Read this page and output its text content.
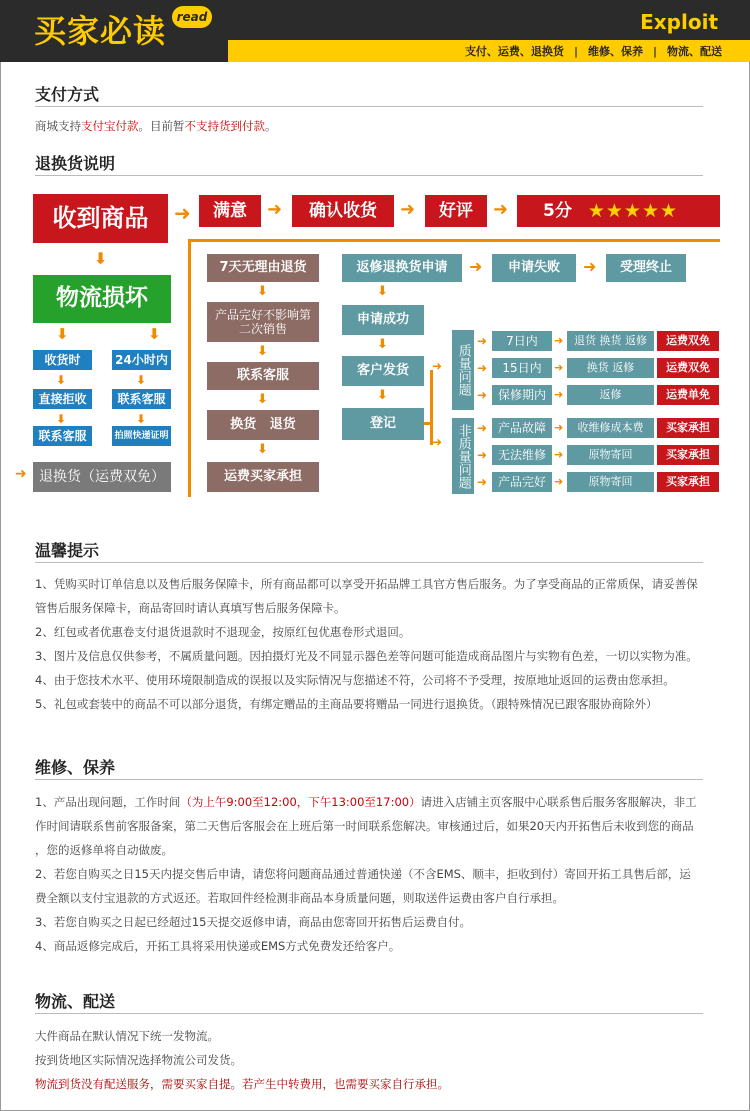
买家必读 read	Exploit
支付、运费、退换货 | 维修、保养 | 物流、配送
支付方式
商城支持支付宝付款。目前暂不支持货到付款。
退换货说明
收到商品	➜	满意	➜	确认收货	➜	好评	➜ 5分 ★★★★★
⬇
物流损坏
⬇	⬇
收货时	24小时内
⬇	⬇
直接拒收	联系客服
⬇	⬇
联系客服	拍照快递证明
➜ 退换货（运费双免）
7天无理由退货
⬇
产品完好不影响第二次销售
⬇
联系客服
⬇
换货   退货
⬇
运费买家承担
返修退换货申请	➜	申请失败	➜	受理终止
⬇
申请成功
⬇
客户发货
⬇
登记
➜
➜
质量问题
非质量问题
➜	7日内	➜ 退货 换货 返修	运费双免
➜	15日内	➜	换货 返修	运费双免
➜ 保修期内 ➜	返修	运费单免
➜ 产品故障 ➜	收维修成本费	买家承担
➜ 无法维修 ➜	原物寄回	买家承担
➜ 产品完好 ➜	原物寄回	买家承担
温馨提示
1、凭购买时订单信息以及售后服务保障卡，所有商品都可以享受开拓品牌工具官方售后服务。为了享受商品的正常质保，请妥善保
管售后服务保障卡，商品寄回时请认真填写售后服务保障卡。
2、红包或者优惠卷支付退货退款时不退现金，按原红包优惠卷形式退回。
3、图片及信息仅供参考，不属质量问题。因拍摄灯光及不同显示器色差等问题可能造成商品图片与实物有色差，一切以实物为准。
4、由于您技术水平、使用环境限制造成的误报以及实际情况与您描述不符，公司将不予受理，按原地址返回的运费由您承担。
5、礼包或套装中的商品不可以部分退货，有绑定赠品的主商品要将赠品一同进行退换货。（跟特殊情况已跟客服协商除外）
维修、保养
1、产品出现问题，工作时间（为上午9:00至12:00，下午13:00至17:00）请进入店铺主页客服中心联系售后服务客服解决，非工
作时间请联系售前客服备案，第二天售后客服会在上班后第一时间联系您解决。审核通过后，如果20天内开拓售后未收到您的商品
，您的返修单将自动做废。
2、若您自购买之日15天内提交售后申请，请您将问题商品通过普通快递（不含EMS、顺丰，拒收到付）寄回开拓工具售后部，运
费全额以支付宝退款的方式返还。若取回件经检测非商品本身质量问题，则取送件运费由客户自行承担。
3、若您自购买之日起已经超过15天提交返修申请，商品由您寄回开拓售后运费自付。
4、商品返修完成后，开拓工具将采用快递或EMS方式免费发还给客户。
物流、配送
大件商品在默认情况下统一发物流。
按到货地区实际情况选择物流公司发货。
物流到货没有配送服务，需要买家自提。若产生中转费用，也需要买家自行承担。
